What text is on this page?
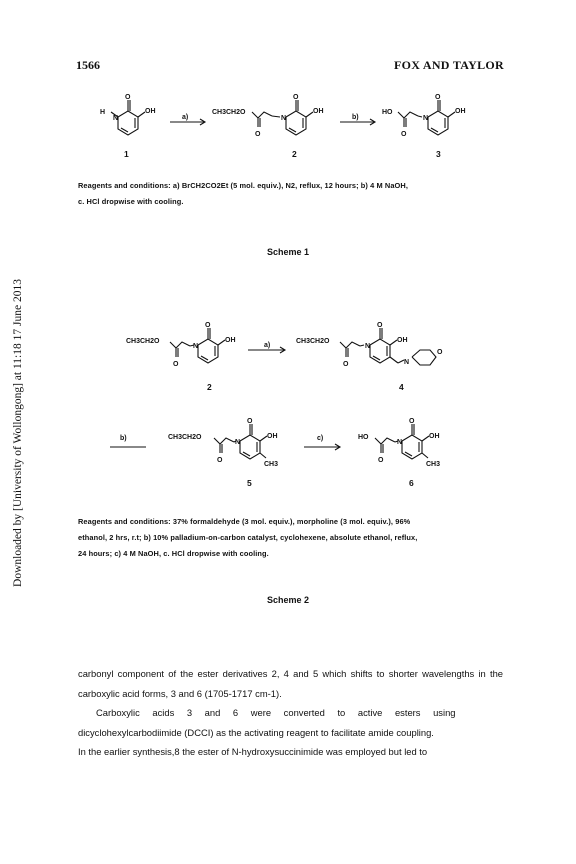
Downloaded by [University of Wollongong] at 11:18 17 June 2013
1566	FOX AND TAYLOR
H
N
O
OH
1
a)
CH3CH2O
O
N
O
OH
2
b)
HO
O
N
O
OH
3
CH3CH2O
O
N
O
OH
2
a)
CH3CH2O
O
N
O
OH
N
O
4
b)	CH3CH2O
O
N
O
OH
CH3
5
c)	HO
O
N
O
OH
CH3
6
Reagents and conditions: a) BrCH2CO2Et (5 mol. equiv.), N2, reflux, 12 hours; b) 4 M NaOH,
c. HCl dropwise with cooling.
Scheme 1
Reagents and conditions: 37% formaldehyde (3 mol. equiv.), morpholine (3 mol. equiv.), 96%
ethanol, 2 hrs, r.t; b) 10% palladium-on-carbon catalyst, cyclohexene, absolute ethanol, reflux,
24 hours; c) 4 M NaOH, c. HCl dropwise with cooling.
Scheme 2

carbonyl component of the ester derivatives 2, 4 and 5 which shifts to shorter wavelengths in the carboxylic acid forms, 3 and 6 (1705-1717 cm-1).

Carboxylic acids 3 and 6 were converted to active esters using

dicyclohexylcarbodiimide (DCCI) as the activating reagent to facilitate amide coupling.

In the earlier synthesis,8 the ester of N-hydroxysuccinimide was employed but led to
